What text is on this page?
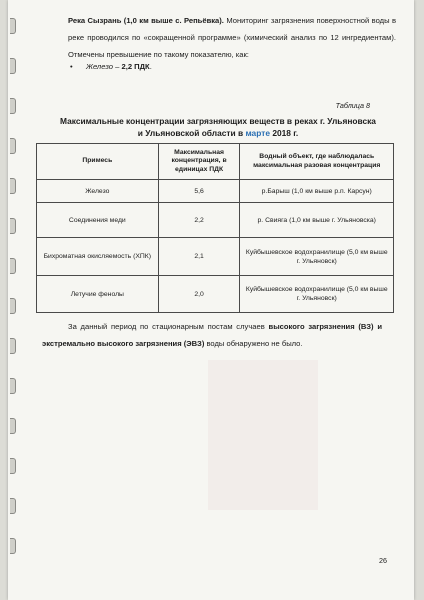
Река Сызрань (1,0 км выше с. Репьёвка). Мониторинг загрязнения поверхностной воды в реке проводился по «сокращенной программе» (химический анализ по 12 ингредиентам). Отмечены превышение по такому показателю, как:

• Железо – 2,2 ПДК.
Таблица 8
Максимальные концентрации загрязняющих веществ в реках г. Ульяновска
и Ульяновской области в марте 2018 г.
Примесь	Максимальная концентрация, в единицах ПДК	Водный объект, где наблюдалась максимальная разовая концентрация
Железо	5,6	р.Барыш (1,0 км выше р.п. Карсун)
Соединения меди	2,2	р. Свияга (1,0 км выше г. Ульяновска)
Бихроматная окисляемость (ХПК)	2,1	Куйбышевское водохранилище (5,0 км выше г. Ульяновск)
Летучие фенолы	2,0	Куйбышевское водохранилище (5,0 км выше г. Ульяновск)

За данный период по стационарным постам случаев высокого загрязнения (ВЗ) и экстремально высокого загрязнения (ЭВЗ) воды обнаружено не было.

26
